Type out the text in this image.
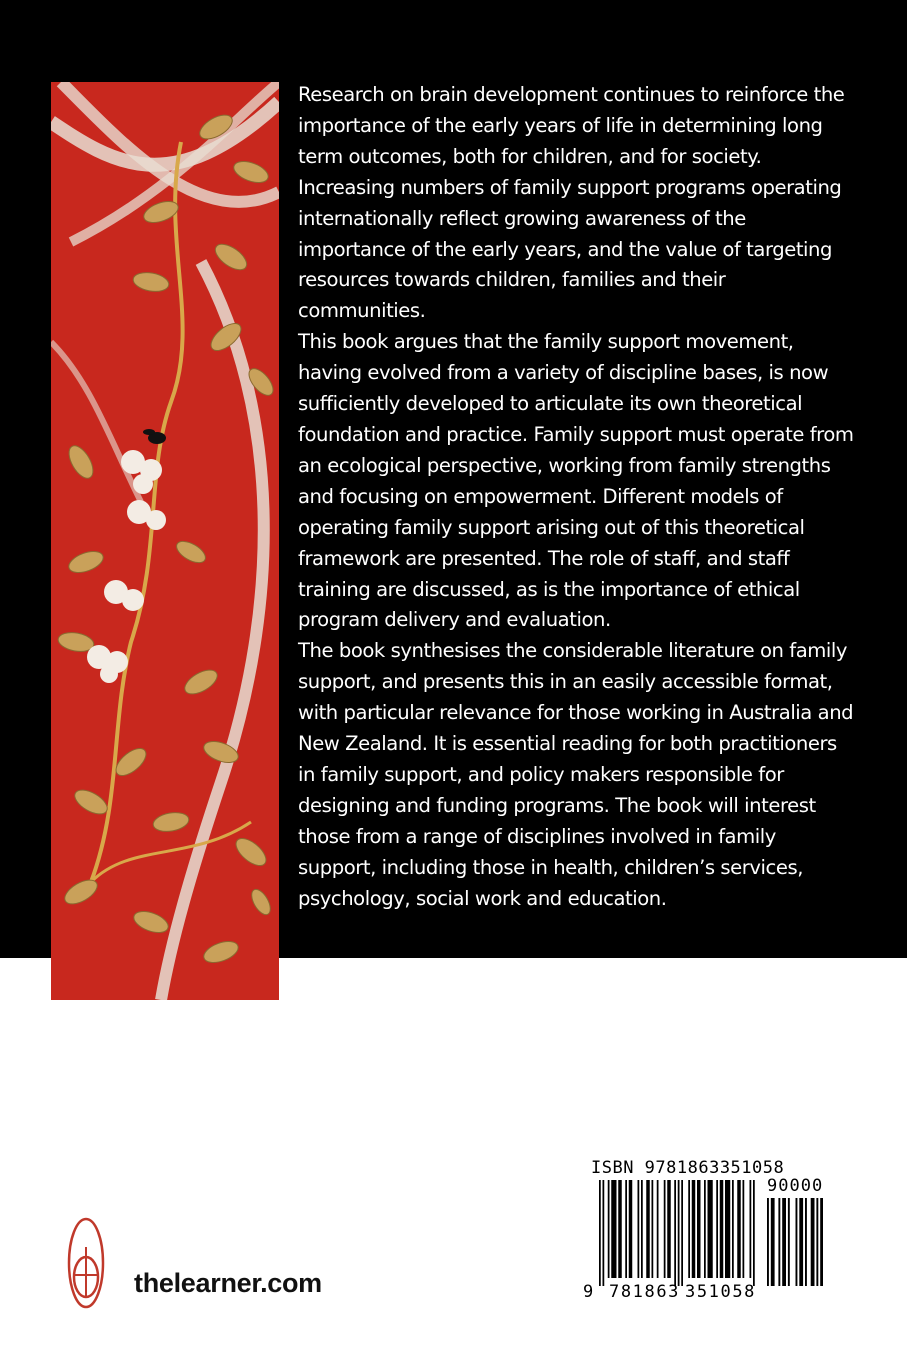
Research on brain development continues to reinforce the importance of the early years of life in determining long term outcomes, both for children, and for society. Increasing numbers of family support programs operating internationally reflect growing awareness of the importance of the early years, and the value of targeting resources towards children, families and their communities.

This book argues that the family support movement, having evolved from a variety of discipline bases, is now sufficiently developed to articulate its own theoretical foundation and practice. Family support must operate from an ecological perspective, working from family strengths and focusing on empowerment. Different models of operating family support arising out of this theoretical framework are presented. The role of staff, and staff training are discussed, as is the importance of ethical program delivery and evaluation.

The book synthesises the considerable literature on family support, and presents this in an easily accessible format, with particular relevance for those working in Australia and New Zealand. It is essential reading for both practitioners in family support, and policy makers responsible for designing and funding programs. The book will interest those from a range of disciplines involved in family support, including those in health, children’s services, psychology, social work and education.

thelearner.com
ISBN 9781863351058
90000
9 781863 351058
